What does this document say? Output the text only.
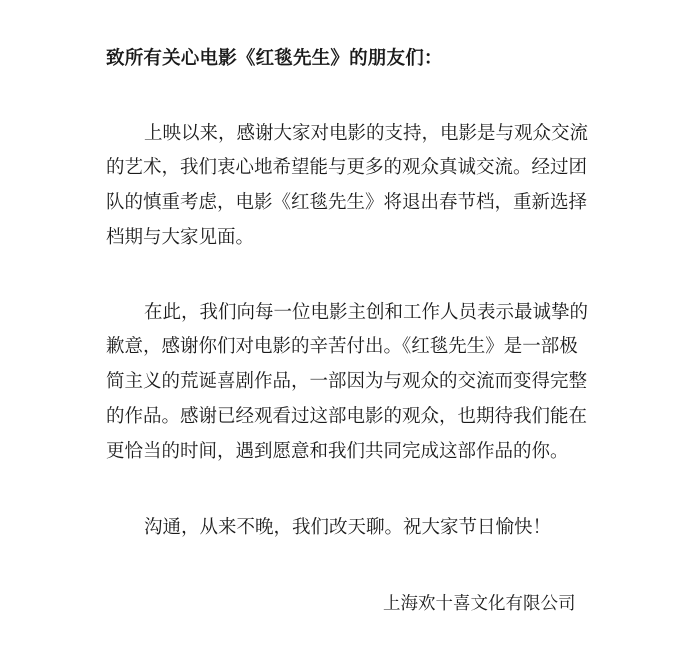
致所有关心电影《红毯先生》的朋友们：

上映以来，感谢大家对电影的支持，电影是与观众交流

的艺术，我们衷心地希望能与更多的观众真诚交流。经过团

队的慎重考虑，电影《红毯先生》将退出春节档，重新选择

档期与大家见面。

在此，我们向每一位电影主创和工作人员表示最诚挚的

歉意，感谢你们对电影的辛苦付出。《红毯先生》是一部极

简主义的荒诞喜剧作品，一部因为与观众的交流而变得完整

的作品。感谢已经观看过这部电影的观众，也期待我们能在

更恰当的时间，遇到愿意和我们共同完成这部作品的你。

沟通，从来不晚，我们改天聊。祝大家节日愉快！

上海欢十喜文化有限公司
